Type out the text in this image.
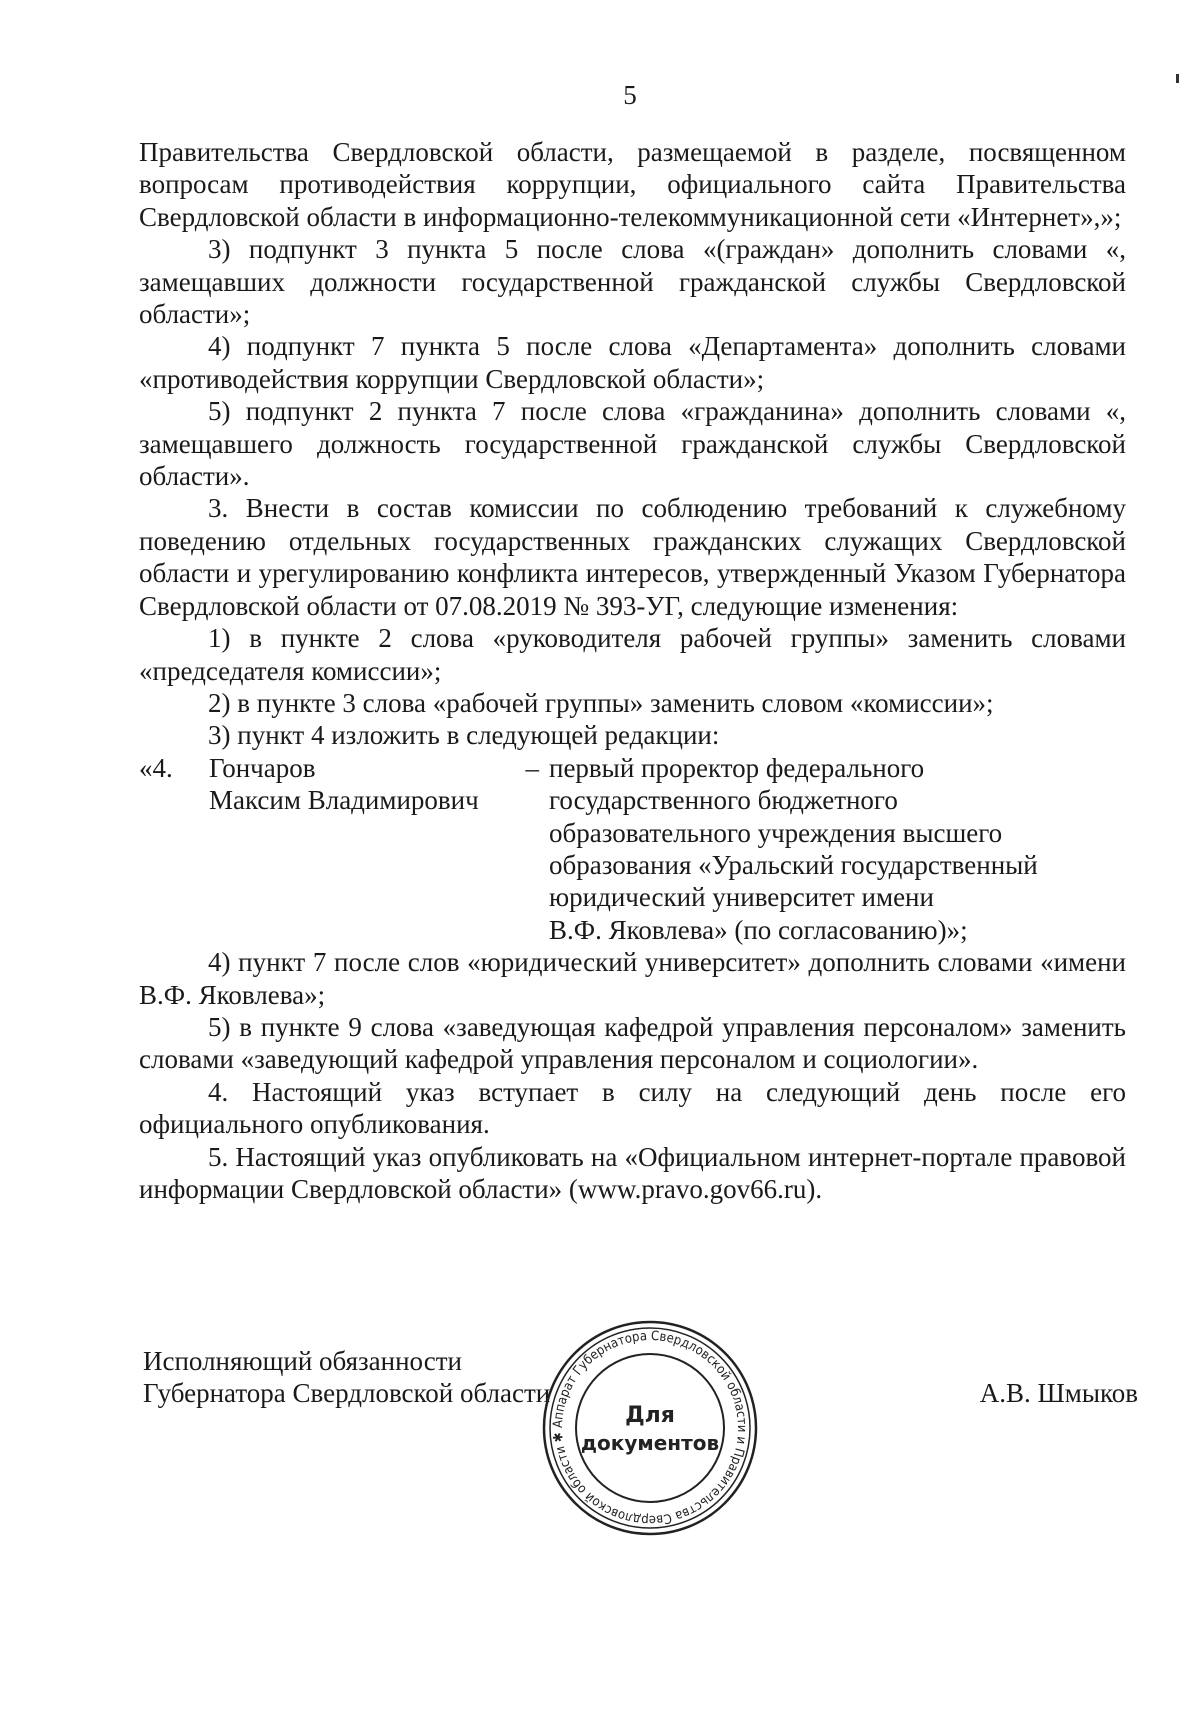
5

Правительства Свердловской области, размещаемой в разделе, посвященном вопросам противодействия коррупции, официального сайта Правительства Свердловской области в информационно-телекоммуникационной сети «Интернет»,»;

3) подпункт 3 пункта 5 после слова «(граждан» дополнить словами «, замещавших должности государственной гражданской службы Свердловской области»;

4) подпункт 7 пункта 5 после слова «Департамента» дополнить словами «противодействия коррупции Свердловской области»;

5) подпункт 2 пункта 7 после слова «гражданина» дополнить словами «, замещавшего должность государственной гражданской службы Свердловской области».

3. Внести в состав комиссии по соблюдению требований к служебному поведению отдельных государственных гражданских служащих Свердловской области и урегулированию конфликта интересов, утвержденный Указом Губернатора Свердловской области от 07.08.2019 № 393-УГ, следующие изменения:

1) в пункте 2 слова «руководителя рабочей группы» заменить словами «председателя комиссии»;

2) в пункте 3 слова «рабочей группы» заменить словом «комиссии»;

3) пункт 4 изложить в следующей редакции:

«4.	Гончаров
Максим Владимирович
– первый проректор федерального
государственного бюджетного
образовательного учреждения высшего
образования «Уральский государственный
юридический университет имени
В.Ф. Яковлева» (по согласованию)»;

4) пункт 7 после слов «юридический университет» дополнить словами «имени В.Ф. Яковлева»;

5) в пункте 9 слова «заведующая кафедрой управления персоналом» заменить словами «заведующий кафедрой управления персоналом и социологии».

4. Настоящий указ вступает в силу на следующий день после его официального опубликования.

5. Настоящий указ опубликовать на «Официальном интернет-портале правовой информации Свердловской области» (www.pravo.gov66.ru).

Исполняющий обязанности
Губернатора Свердловской области	А.В. Шмыков
Аппарат Губернатора Свердловской области и Правительства Свердловской области ✱
Для
документов
